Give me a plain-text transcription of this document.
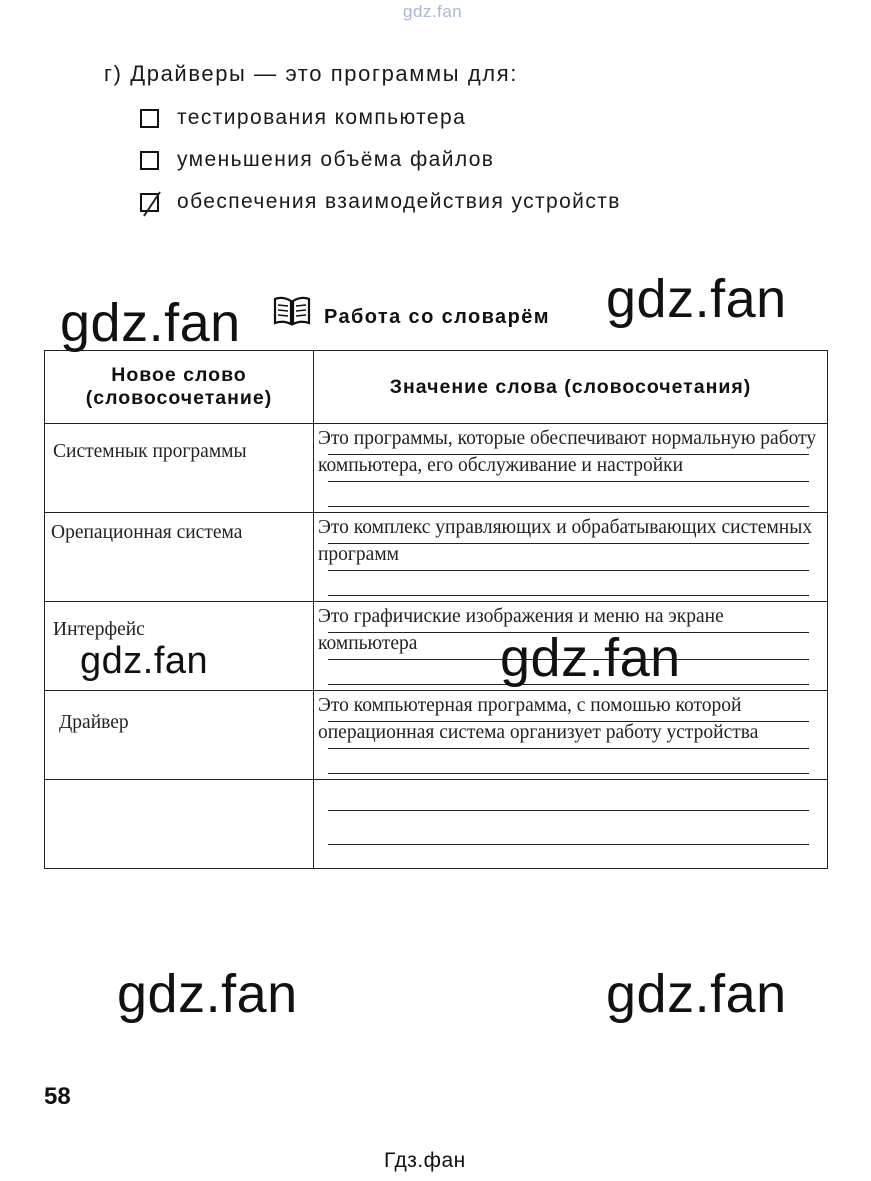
gdz.fan
г) Драйверы — это программы для:
тестирования компьютера
уменьшения объёма файлов
обеспечения взаимодействия устройств
Работа со словарём
Новое слово (словосочетание)	Значение слова (словосочетания)

Системнык программы	Это программы, которые обеспечивают нормальную работу компьютера, его обслуживание и настройки

Орепационная система	Это комплекс управляющих и обрабатывающих системных программ

Интерфейс	Это графичиские изображения и меню на экране компьютера

Драйвер	Это компьютерная программа, с помошью которой операционная система организует работу устройства

gdz.fan	gdz.fan
gdz.fan	gdz.fan
gdz.fan	gdz.fan
58
Гдз.фан
